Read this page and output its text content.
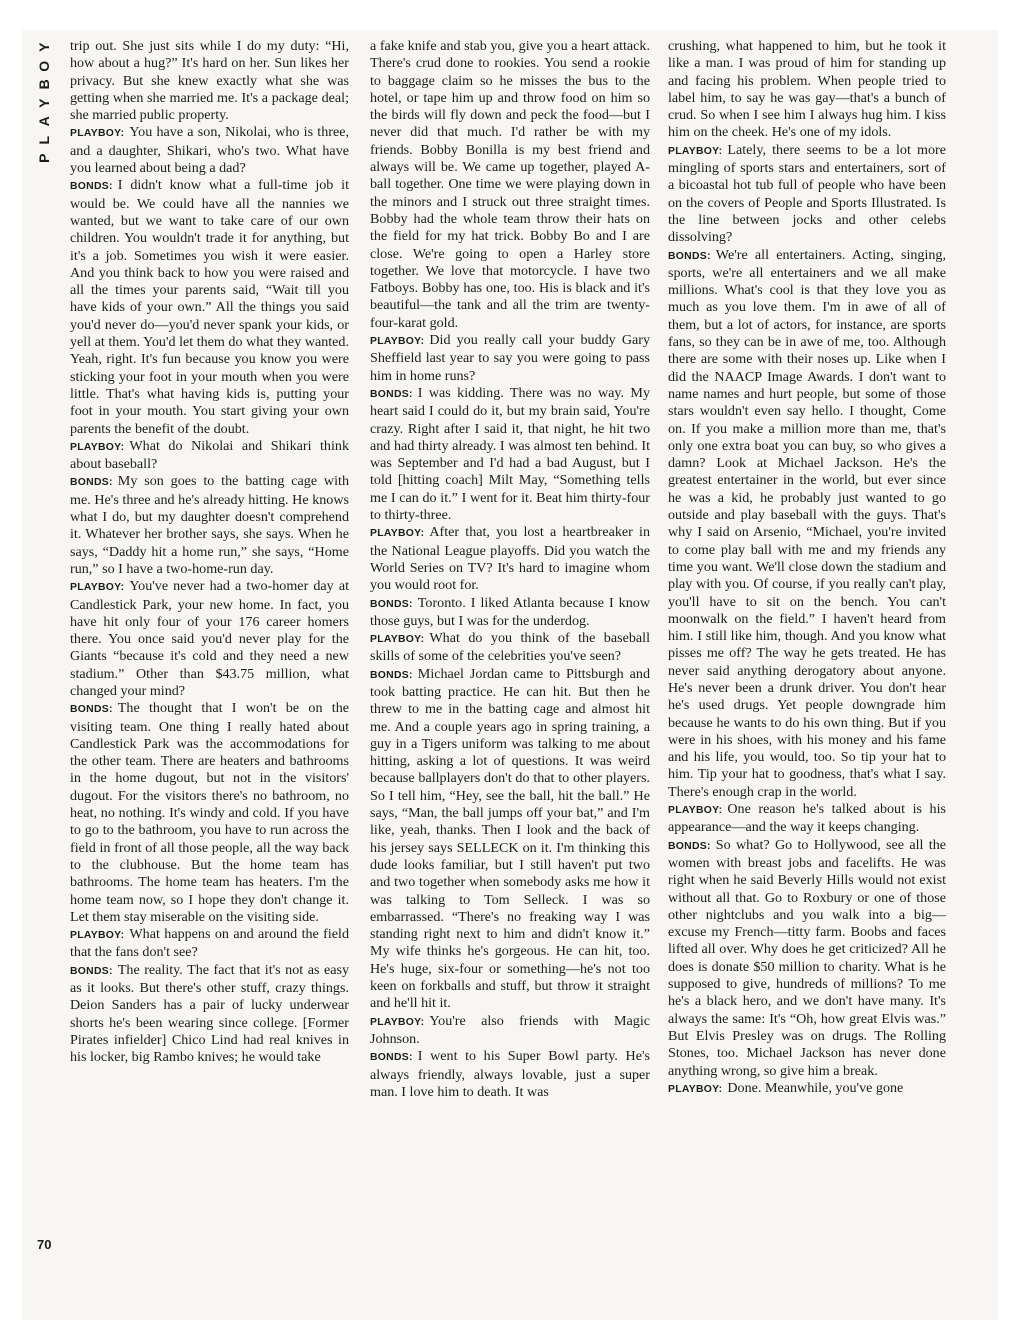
Y
O
B
Y
A
L
P
70

trip out. She just sits while I do my duty: “Hi, how about a hug?” It's hard on her. Sun likes her privacy. But she knew exactly what she was getting when she married me. It's a package deal; she married public property.

PLAYBOY: You have a son, Nikolai, who is three, and a daughter, Shikari, who's two. What have you learned about being a dad?

BONDS: I didn't know what a full-time job it would be. We could have all the nannies we wanted, but we want to take care of our own children. You wouldn't trade it for anything, but it's a job. Sometimes you wish it were easier. And you think back to how you were raised and all the times your parents said, “Wait till you have kids of your own.” All the things you said you'd never do—you'd never spank your kids, or yell at them. You'd let them do what they wanted. Yeah, right. It's fun because you know you were sticking your foot in your mouth when you were little. That's what having kids is, putting your foot in your mouth. You start giving your own parents the benefit of the doubt.

PLAYBOY: What do Nikolai and Shikari think about baseball?

BONDS: My son goes to the batting cage with me. He's three and he's already hitting. He knows what I do, but my daughter doesn't comprehend it. Whatever her brother says, she says. When he says, “Daddy hit a home run,” she says, “Home run,” so I have a two-home-run day.

PLAYBOY: You've never had a two-homer day at Candlestick Park, your new home. In fact, you have hit only four of your 176 career homers there. You once said you'd never play for the Giants “because it's cold and they need a new stadium.” Other than $43.75 million, what changed your mind?

BONDS: The thought that I won't be on the visiting team. One thing I really hated about Candlestick Park was the accommodations for the other team. There are heaters and bathrooms in the home dugout, but not in the visitors' dugout. For the visitors there's no bathroom, no heat, no nothing. It's windy and cold. If you have to go to the bathroom, you have to run across the field in front of all those people, all the way back to the clubhouse. But the home team has bathrooms. The home team has heaters. I'm the home team now, so I hope they don't change it. Let them stay miserable on the visiting side.

PLAYBOY: What happens on and around the field that the fans don't see?

BONDS: The reality. The fact that it's not as easy as it looks. But there's other stuff, crazy things. Deion Sanders has a pair of lucky underwear shorts he's been wearing since college. [Former Pirates infielder] Chico Lind had real knives in his locker, big Rambo knives; he would take

a fake knife and stab you, give you a heart attack. There's crud done to rookies. You send a rookie to baggage claim so he misses the bus to the hotel, or tape him up and throw food on him so the birds will fly down and peck the food—but I never did that much. I'd rather be with my friends. Bobby Bonilla is my best friend and always will be. We came up together, played A-ball together. One time we were playing down in the minors and I struck out three straight times. Bobby had the whole team throw their hats on the field for my hat trick. Bobby Bo and I are close. We're going to open a Harley store together. We love that motorcycle. I have two Fatboys. Bobby has one, too. His is black and it's beautiful—the tank and all the trim are twenty-four-karat gold.

PLAYBOY: Did you really call your buddy Gary Sheffield last year to say you were going to pass him in home runs?

BONDS: I was kidding. There was no way. My heart said I could do it, but my brain said, You're crazy. Right after I said it, that night, he hit two and had thirty already. I was almost ten behind. It was September and I'd had a bad August, but I told [hitting coach] Milt May, “Something tells me I can do it.” I went for it. Beat him thirty-four to thirty-three.

PLAYBOY: After that, you lost a heartbreaker in the National League playoffs. Did you watch the World Series on TV? It's hard to imagine whom you would root for.

BONDS: Toronto. I liked Atlanta because I know those guys, but I was for the underdog.

PLAYBOY: What do you think of the baseball skills of some of the celebrities you've seen?

BONDS: Michael Jordan came to Pittsburgh and took batting practice. He can hit. But then he threw to me in the batting cage and almost hit me. And a couple years ago in spring training, a guy in a Tigers uniform was talking to me about hitting, asking a lot of questions. It was weird because ballplayers don't do that to other players. So I tell him, “Hey, see the ball, hit the ball.” He says, “Man, the ball jumps off your bat,” and I'm like, yeah, thanks. Then I look and the back of his jersey says SELLECK on it. I'm thinking this dude looks familiar, but I still haven't put two and two together when somebody asks me how it was talking to Tom Selleck. I was so embarrassed. “There's no freaking way I was standing right next to him and didn't know it.” My wife thinks he's gorgeous. He can hit, too. He's huge, six-four or something—he's not too keen on forkballs and stuff, but throw it straight and he'll hit it.

PLAYBOY: You're also friends with Magic Johnson.

BONDS: I went to his Super Bowl party. He's always friendly, always lovable, just a super man. I love him to death. It was

crushing, what happened to him, but he took it like a man. I was proud of him for standing up and facing his problem. When people tried to label him, to say he was gay—that's a bunch of crud. So when I see him I always hug him. I kiss him on the cheek. He's one of my idols.

PLAYBOY: Lately, there seems to be a lot more mingling of sports stars and entertainers, sort of a bicoastal hot tub full of people who have been on the covers of People and Sports Illustrated. Is the line between jocks and other celebs dissolving?

BONDS: We're all entertainers. Acting, singing, sports, we're all entertainers and we all make millions. What's cool is that they love you as much as you love them. I'm in awe of all of them, but a lot of actors, for instance, are sports fans, so they can be in awe of me, too. Although there are some with their noses up. Like when I did the NAACP Image Awards. I don't want to name names and hurt people, but some of those stars wouldn't even say hello. I thought, Come on. If you make a million more than me, that's only one extra boat you can buy, so who gives a damn? Look at Michael Jackson. He's the greatest entertainer in the world, but ever since he was a kid, he probably just wanted to go outside and play baseball with the guys. That's why I said on Arsenio, “Michael, you're invited to come play ball with me and my friends any time you want. We'll close down the stadium and play with you. Of course, if you really can't play, you'll have to sit on the bench. You can't moonwalk on the field.” I haven't heard from him. I still like him, though. And you know what pisses me off? The way he gets treated. He has never said anything derogatory about anyone. He's never been a drunk driver. You don't hear he's used drugs. Yet people downgrade him because he wants to do his own thing. But if you were in his shoes, with his money and his fame and his life, you would, too. So tip your hat to him. Tip your hat to goodness, that's what I say. There's enough crap in the world.

PLAYBOY: One reason he's talked about is his appearance—and the way it keeps changing.

BONDS: So what? Go to Hollywood, see all the women with breast jobs and facelifts. He was right when he said Beverly Hills would not exist without all that. Go to Roxbury or one of those other nightclubs and you walk into a big—excuse my French—titty farm. Boobs and faces lifted all over. Why does he get criticized? All he does is donate $50 million to charity. What is he supposed to give, hundreds of millions? To me he's a black hero, and we don't have many. It's always the same: It's “Oh, how great Elvis was.” But Elvis Presley was on drugs. The Rolling Stones, too. Michael Jackson has never done anything wrong, so give him a break.

PLAYBOY: Done. Meanwhile, you've gone
